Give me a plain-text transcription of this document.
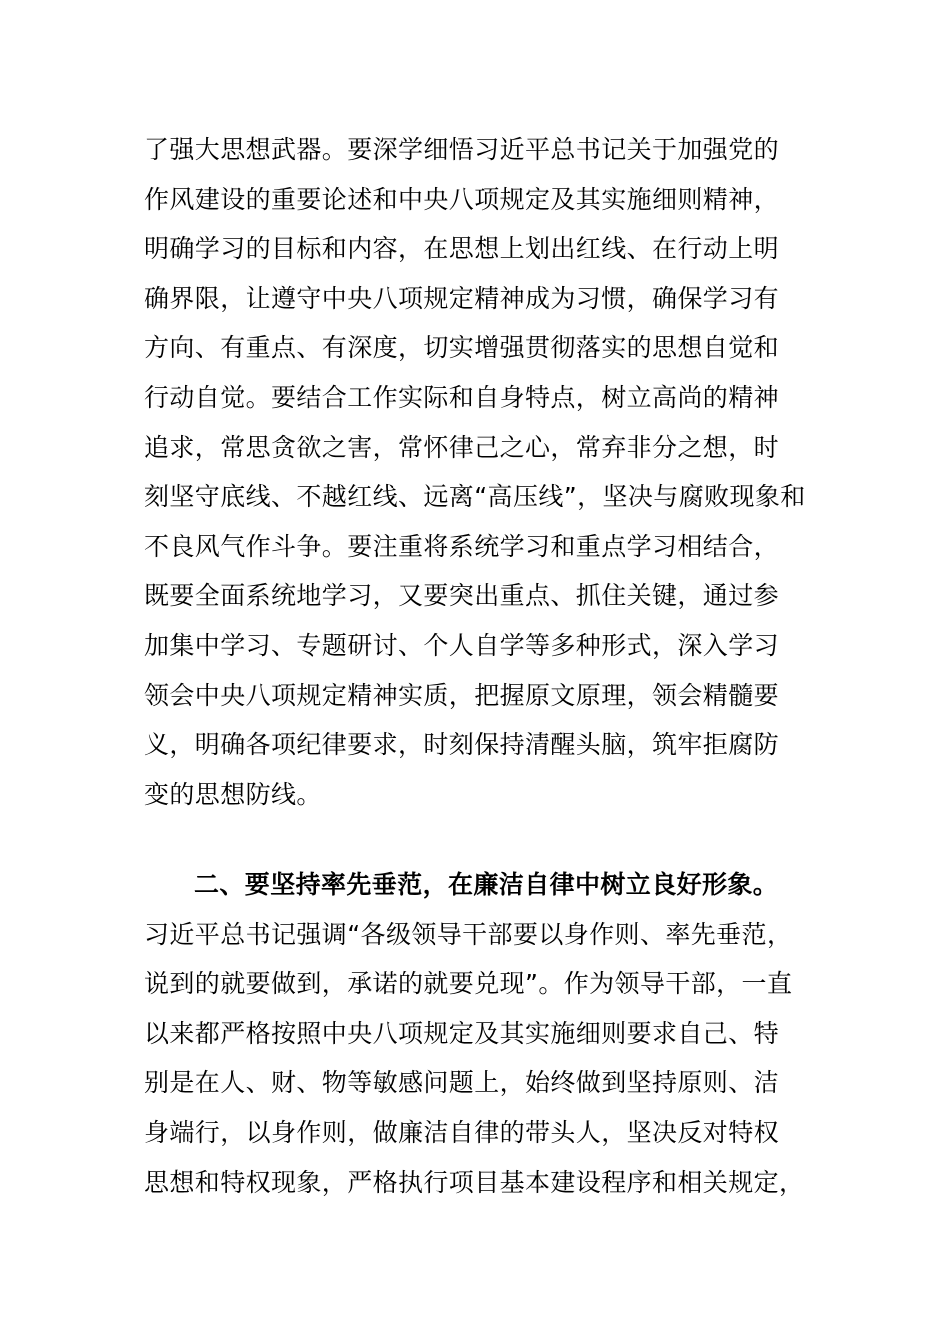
了强大思想武器。要深学细悟习近平总书记关于加强党的
作风建设的重要论述和中央八项规定及其实施细则精神，
明确学习的目标和内容，在思想上划出红线、在行动上明
确界限，让遵守中央八项规定精神成为习惯，确保学习有
方向、有重点、有深度，切实增强贯彻落实的思想自觉和
行动自觉。要结合工作实际和自身特点，树立高尚的精神
追求，常思贪欲之害，常怀律己之心，常弃非分之想，时
刻坚守底线、不越红线、远离“高压线”，坚决与腐败现象和
不良风气作斗争。要注重将系统学习和重点学习相结合，
既要全面系统地学习，又要突出重点、抓住关键，通过参
加集中学习、专题研讨、个人自学等多种形式，深入学习
领会中央八项规定精神实质，把握原文原理，领会精髓要
义，明确各项纪律要求，时刻保持清醒头脑，筑牢拒腐防
变的思想防线。
二、要坚持率先垂范，在廉洁自律中树立良好形象。
习近平总书记强调“各级领导干部要以身作则、率先垂范，
说到的就要做到，承诺的就要兑现”。作为领导干部，一直
以来都严格按照中央八项规定及其实施细则要求自己、特
别是在人、财、物等敏感问题上，始终做到坚持原则、洁
身端行，以身作则，做廉洁自律的带头人，坚决反对特权
思想和特权现象，严格执行项目基本建设程序和相关规定，
